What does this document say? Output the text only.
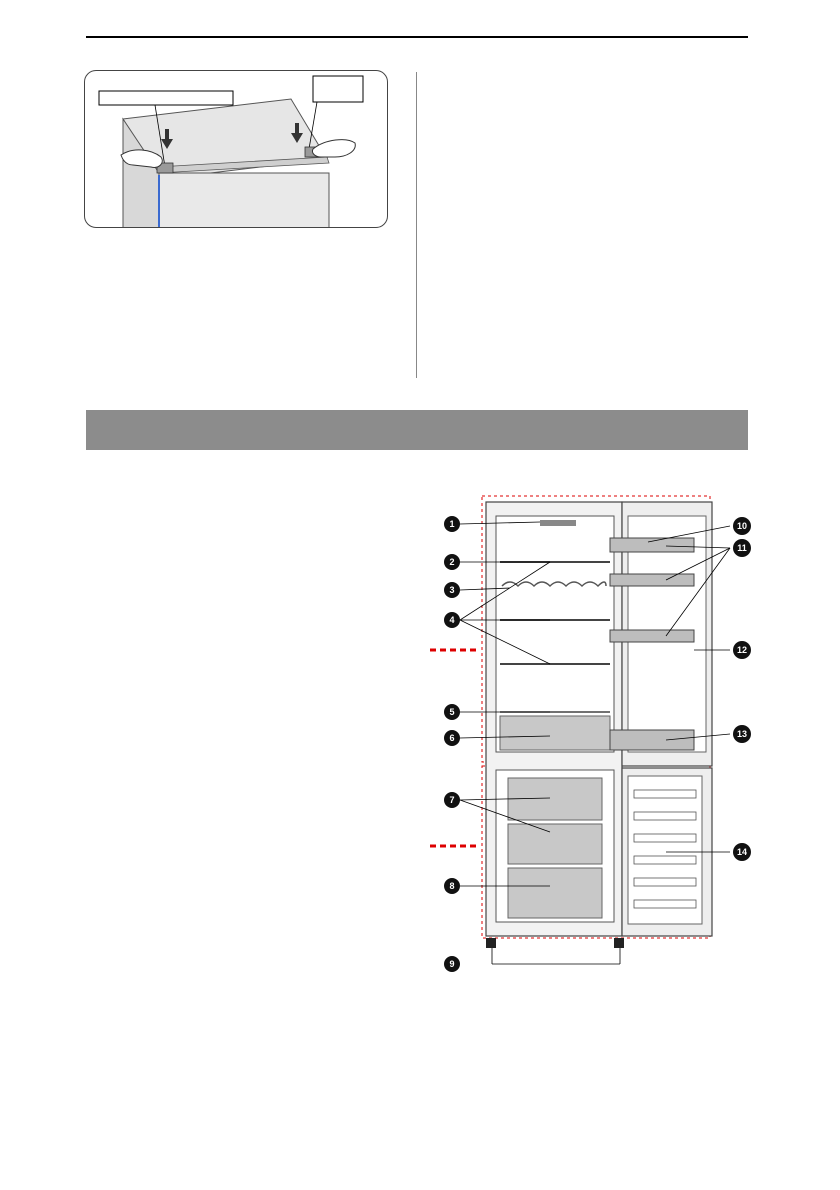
1
2
3
4
5
6
7
8
9
10
11
12
13
14
